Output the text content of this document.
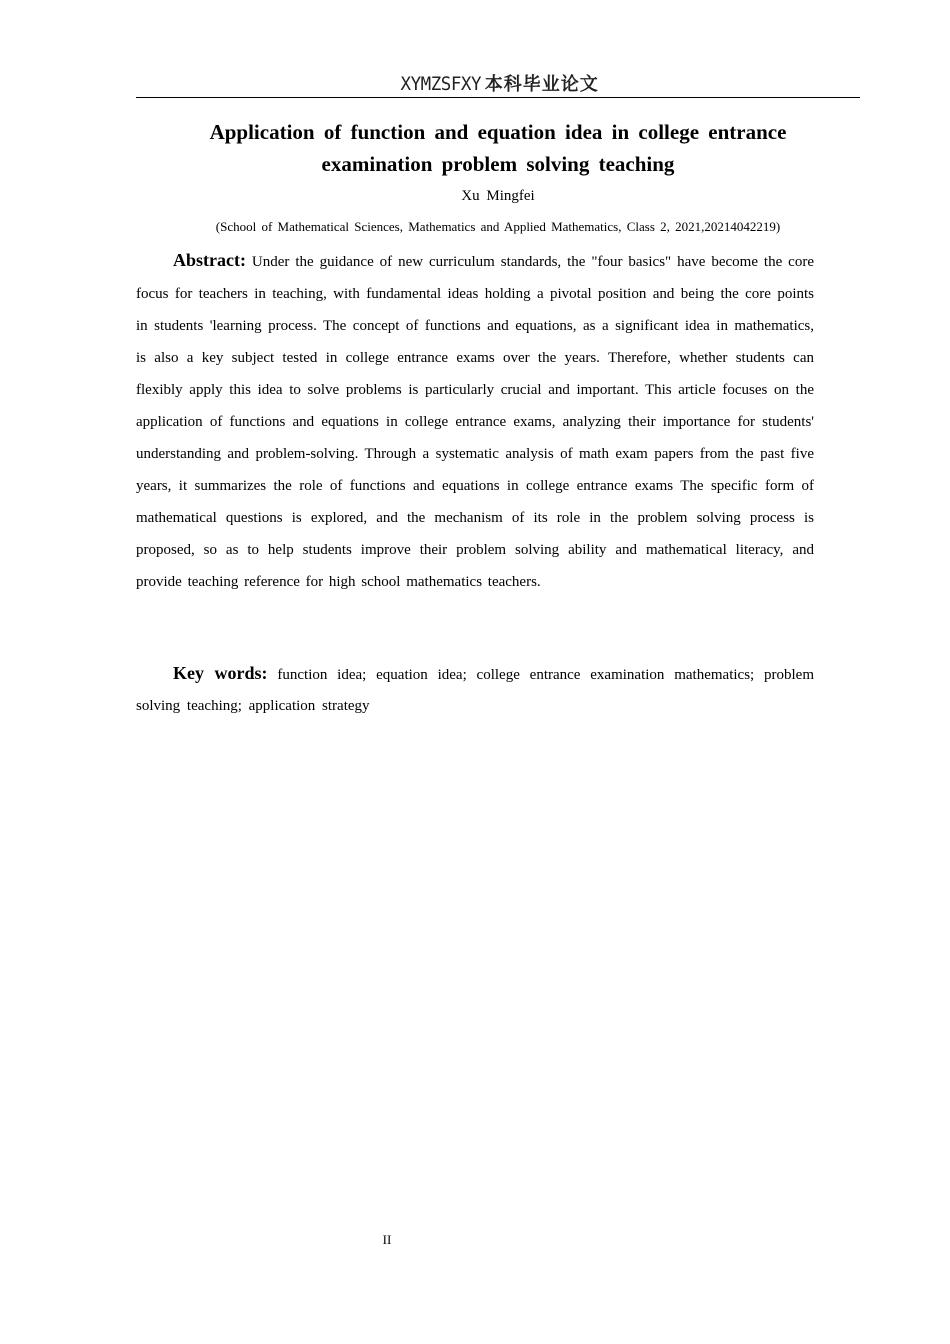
XYMZSFXY 本科毕业论文
Application of function and equation idea in college entrance examination problem solving teaching
Xu Mingfei
(School of Mathematical Sciences, Mathematics and Applied Mathematics, Class 2, 2021,20214042219)

Abstract: Under the guidance of new curriculum standards, the "four basics" have become the core focus for teachers in teaching, with fundamental ideas holding a pivotal position and being the core points in students 'learning process. The concept of functions and equations, as a significant idea in mathematics, is also a key subject tested in college entrance exams over the years. Therefore, whether students can flexibly apply this idea to solve problems is particularly crucial and important. This article focuses on the application of functions and equations in college entrance exams, analyzing their importance for students' understanding and problem-solving. Through a systematic analysis of math exam papers from the past five years, it summarizes the role of functions and equations in college entrance exams The specific form of mathematical questions is explored, and the mechanism of its role in the problem solving process is proposed, so as to help students improve their problem solving ability and mathematical literacy, and provide teaching reference for high school mathematics teachers.

Key words: function idea; equation idea; college entrance examination mathematics; problem solving teaching; application strategy

II
